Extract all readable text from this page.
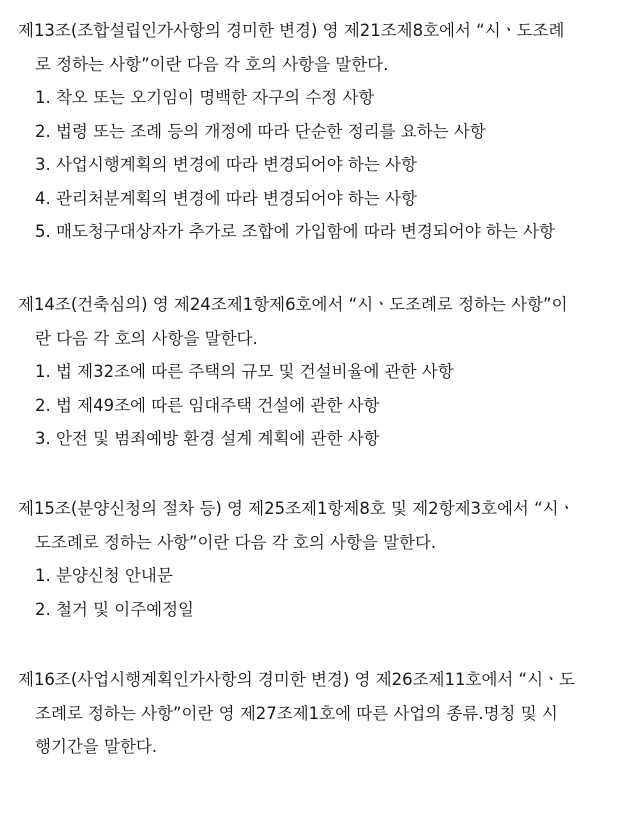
제13조(조합설립인가사항의 경미한 변경) 영 제21조제8호에서 “시ㆍ도조례
로 정하는 사항”이란 다음 각 호의 사항을 말한다.
1. 착오 또는 오기임이 명백한 자구의 수정 사항
2. 법령 또는 조례 등의 개정에 따라 단순한 정리를 요하는 사항
3. 사업시행계획의 변경에 따라 변경되어야 하는 사항
4. 관리처분계획의 변경에 따라 변경되어야 하는 사항
5. 매도청구대상자가 추가로 조합에 가입함에 따라 변경되어야 하는 사항
제14조(건축심의) 영 제24조제1항제6호에서 “시ㆍ도조례로 정하는 사항”이
란 다음 각 호의 사항을 말한다.
1. 법 제32조에 따른 주택의 규모 및 건설비율에 관한 사항
2. 법 제49조에 따른 임대주택 건설에 관한 사항
3. 안전 및 범죄예방 환경 설계 계획에 관한 사항
제15조(분양신청의 절차 등) 영 제25조제1항제8호 및 제2항제3호에서 “시ㆍ
도조례로 정하는 사항”이란 다음 각 호의 사항을 말한다.
1. 분양신청 안내문
2. 철거 및 이주예정일
제16조(사업시행계획인가사항의 경미한 변경) 영 제26조제11호에서 “시ㆍ도
조례로 정하는 사항”이란 영 제27조제1호에 따른 사업의 종류.명칭 및 시
행기간을 말한다.
